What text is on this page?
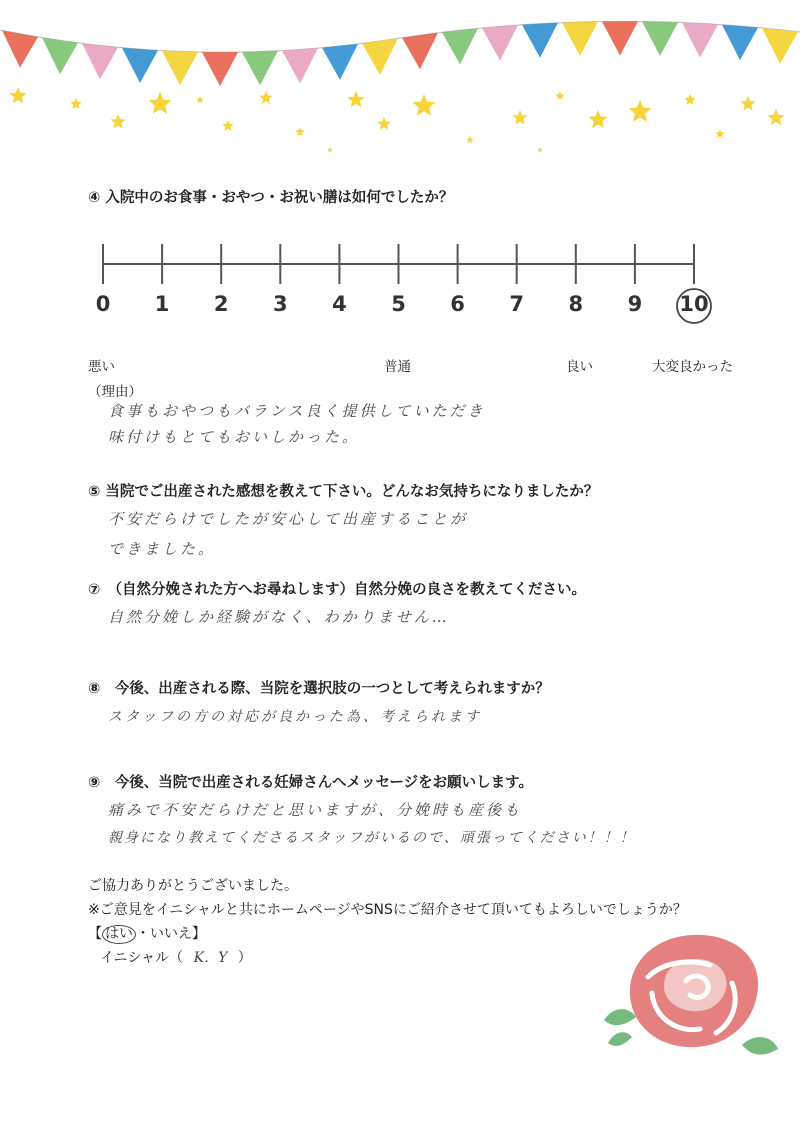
④ 入院中のお食事・おやつ・お祝い膳は如何でしたか？
0	1	2	3	4	5	6	7	8	9	10
悪い	普通	良い	大変良かった
（理由）
食事もおやつもバランス良く提供していただき
味付けもとてもおいしかった。
⑤ 当院でご出産された感想を教えて下さい。どんなお気持ちになりましたか？
不安だらけでしたが安心して出産することが
できました。
⑦　（自然分娩された方へお尋ねします）自然分娩の良さを教えてください。
自然分娩しか経験がなく、わかりません…
⑧　今後、出産される際、当院を選択肢の一つとして考えられますか？
スタッフの方の対応が良かった為、考えられます
⑨　今後、当院で出産される妊婦さんへメッセージをお願いします。
痛みで不安だらけだと思いますが、分娩時も産後も
親身になり教えてくださるスタッフがいるので、頑張ってください！！！
ご協力ありがとうございました。
※ご意見をイニシャルと共にホームページやSNSにご紹介させて頂いてもよろしいでしょうか？
【 はい ・いいえ】
イニシャル（ K．Y ）
